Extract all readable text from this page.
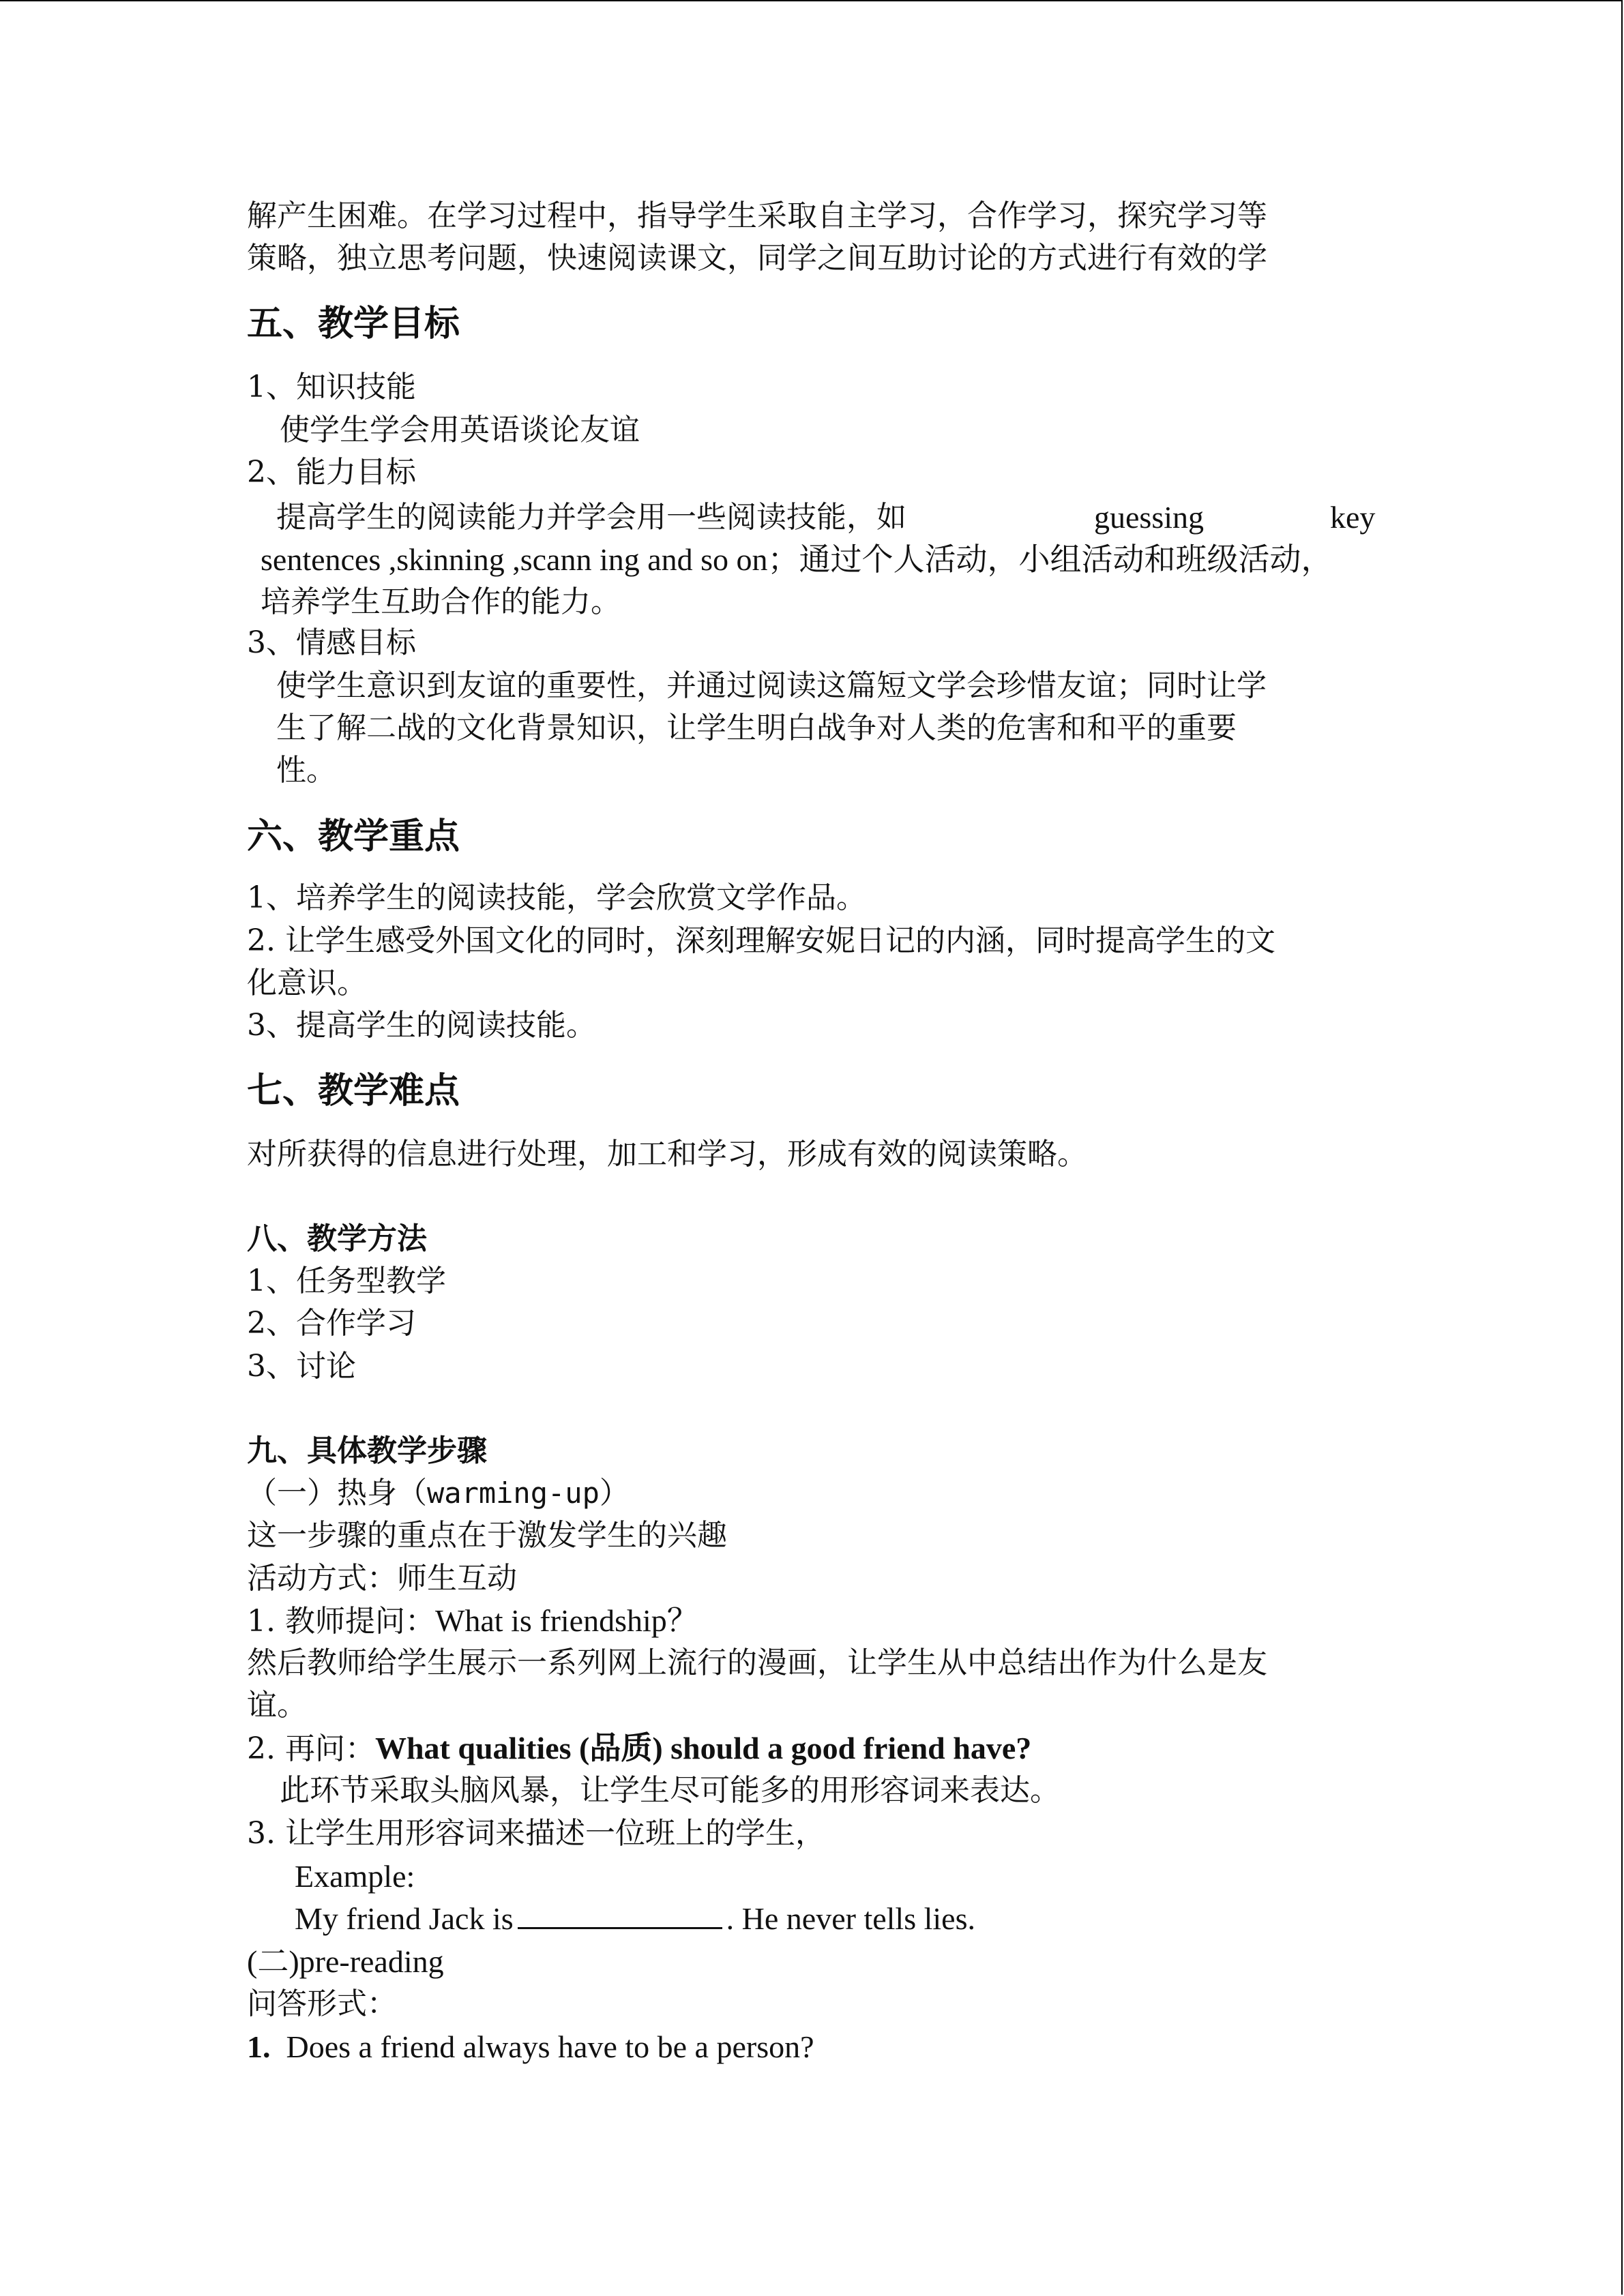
解产生困难。在学习过程中，指导学生采取自主学习，合作学习，探究学习等
策略，独立思考问题，快速阅读课文，同学之间互助讨论的方式进行有效的学
五、教学目标
1、知识技能
使学生学会用英语谈论友谊
2、能力目标
提高学生的阅读能力并学会用一些阅读技能，如	guessing	key
sentences ,skinning ,scann ing and so on；通过个人活动，小组活动和班级活动，
培养学生互助合作的能力。
3、情感目标
使学生意识到友谊的重要性，并通过阅读这篇短文学会珍惜友谊；同时让学
生了解二战的文化背景知识，让学生明白战争对人类的危害和和平的重要
性。
六、教学重点
1、培养学生的阅读技能，学会欣赏文学作品。
2. 让学生感受外国文化的同时，深刻理解安妮日记的内涵，同时提高学生的文
化意识。
3、提高学生的阅读技能。
七、教学难点
对所获得的信息进行处理，加工和学习，形成有效的阅读策略。
八、教学方法
1、任务型教学
2、合作学习
3、讨论
九、具体教学步骤
（一）热身（warming-up）
这一步骤的重点在于激发学生的兴趣
活动方式：师生互动
1. 教师提问：What is friendship？
然后教师给学生展示一系列网上流行的漫画，让学生从中总结出作为什么是友
谊。
2. 再问：What qualities (品质) should a good friend have?
此环节采取头脑风暴，让学生尽可能多的用形容词来表达。
3. 让学生用形容词来描述一位班上的学生，
Example:
My friend Jack is	. He never tells lies.
(二)pre-reading
问答形式：
1. Does a friend always have to be a person?
